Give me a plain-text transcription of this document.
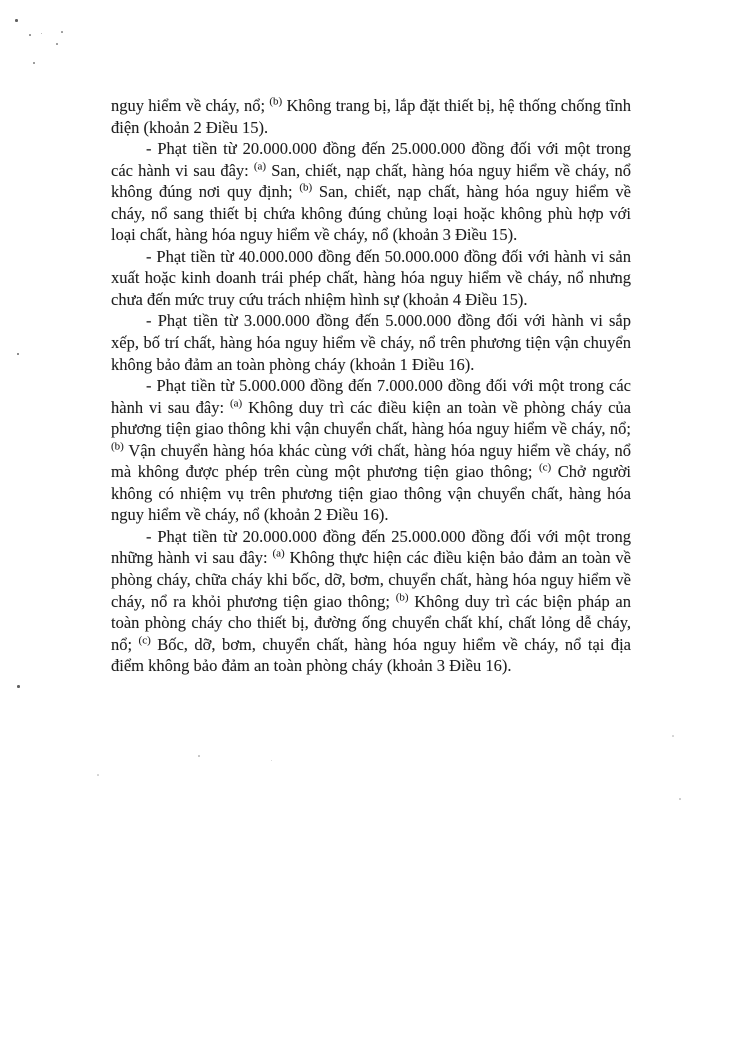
nguy hiểm về cháy, nổ; $^{(b)}$ Không trang bị, lắp đặt thiết bị, hệ thống chống tĩnh điện (khoản 2 Điều 15).

- Phạt tiền từ 20.000.000 đồng đến 25.000.000 đồng đối với một trong các hành vi sau đây: $^{(a)}$ San, chiết, nạp chất, hàng hóa nguy hiểm về cháy, nổ không đúng nơi quy định; $^{(b)}$ San, chiết, nạp chất, hàng hóa nguy hiểm về cháy, nổ sang thiết bị chứa không đúng chủng loại hoặc không phù hợp với loại chất, hàng hóa nguy hiểm về cháy, nổ (khoản 3 Điều 15).

- Phạt tiền từ 40.000.000 đồng đến 50.000.000 đồng đối với hành vi sản xuất hoặc kinh doanh trái phép chất, hàng hóa nguy hiểm về cháy, nổ nhưng chưa đến mức truy cứu trách nhiệm hình sự (khoản 4 Điều 15).

- Phạt tiền từ 3.000.000 đồng đến 5.000.000 đồng đối với hành vi sắp xếp, bố trí chất, hàng hóa nguy hiểm về cháy, nổ trên phương tiện vận chuyển không bảo đảm an toàn phòng cháy (khoản 1 Điều 16).

- Phạt tiền từ 5.000.000 đồng đến 7.000.000 đồng đối với một trong các hành vi sau đây: $^{(a)}$ Không duy trì các điều kiện an toàn về phòng cháy của phương tiện giao thông khi vận chuyển chất, hàng hóa nguy hiểm về cháy, nổ; $^{(b)}$ Vận chuyển hàng hóa khác cùng với chất, hàng hóa nguy hiểm về cháy, nổ mà không được phép trên cùng một phương tiện giao thông; $^{(c)}$ Chở người không có nhiệm vụ trên phương tiện giao thông vận chuyển chất, hàng hóa nguy hiểm về cháy, nổ (khoản 2 Điều 16).

- Phạt tiền từ 20.000.000 đồng đến 25.000.000 đồng đối với một trong những hành vi sau đây: $^{(a)}$ Không thực hiện các điều kiện bảo đảm an toàn về phòng cháy, chữa cháy khi bốc, dỡ, bơm, chuyển chất, hàng hóa nguy hiểm về cháy, nổ ra khỏi phương tiện giao thông; $^{(b)}$ Không duy trì các biện pháp an toàn phòng cháy cho thiết bị, đường ống chuyển chất khí, chất lỏng dễ cháy, nổ; $^{(c)}$ Bốc, dỡ, bơm, chuyển chất, hàng hóa nguy hiểm về cháy, nổ tại địa điểm không bảo đảm an toàn phòng cháy (khoản 3 Điều 16).
